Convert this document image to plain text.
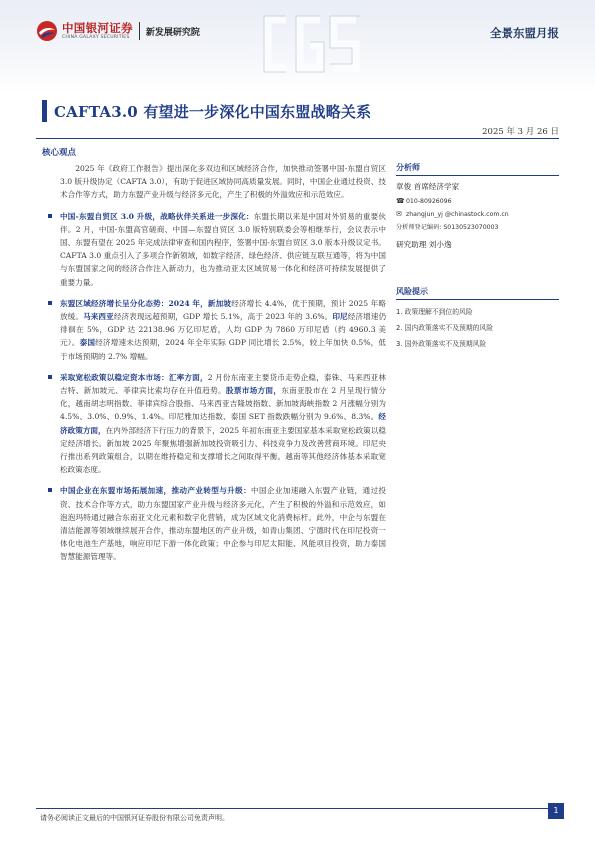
中国银河证券
CHINA GALAXY SECURITIES	新发展研究院	全景东盟月报
CAFTA3.0 有望进一步深化中国东盟战略关系
2025 年 3 月 26 日
核心观点

2025 年《政府工作报告》提出深化多双边和区域经济合作，加快推动签署中国-东盟自贸区 3.0 版升级协定（CAFTA 3.0），有助于促进区域协同高质量发展。同时，中国企业通过投资、技术合作等方式，助力东盟产业升级与经济多元化，产生了积极的外溢效应和示范效应。

中国-东盟自贸区 3.0 升级，战略伙伴关系进一步深化：东盟长期以来是中国对外贸易的重要伙伴。2 月，中国-东盟高官磋商、中国—东盟自贸区 3.0 版特别联委会等相继举行，会议表示中国、东盟有望在 2025 年完成法律审查和国内程序，签署中国-东盟自贸区 3.0 版本升级议定书。CAFTA 3.0 重点引入了多项合作新领域，如数字经济、绿色经济、供应链互联互通等，将为中国与东盟国家之间的经济合作注入新动力，也为推动亚太区域贸易一体化和经济可持续发展提供了重要力量。
东盟区域经济增长呈分化态势：2024 年，新加坡经济增长 4.4%，优于预期，预计 2025 年略放缓。马来西亚经济表现远超预期，GDP 增长 5.1%，高于 2023 年的 3.6%。印尼经济增速仍徘徊在 5%，GDP 达 22138.96 万亿印尼盾，人均 GDP 为 7860 万印尼盾（约 4960.3 美元）。泰国经济增速未达预期，2024 年全年实际 GDP 同比增长 2.5%，较上年加快 0.5%，低于市场预期的 2.7% 增幅。
采取宽松政策以稳定资本市场：汇率方面，2 月份东南亚主要货币走势企稳，泰铢、马来西亚林吉特、新加坡元、菲律宾比索均存在升值趋势。股票市场方面，东南亚股市在 2 月呈现行情分化，越南胡志明指数、菲律宾综合股指、马来西亚吉隆坡指数、新加坡海峡指数 2 月涨幅分别为 4.5%、3.0%、0.9%、1.4%。印尼雅加达指数、泰国 SET 指数跌幅分别为 9.6%、8.3%。经济政策方面，在内外部经济下行压力的背景下，2025 年初东南亚主要国家基本采取宽松政策以稳定经济增长。新加坡 2025 年聚焦增强新加坡投资吸引力、科技竞争力及改善营商环境。印尼央行推出系列政策组合，以期在维持稳定和支撑增长之间取得平衡。越南等其他经济体基本采取宽松政策态度。
中国企业在东盟市场拓展加速，推动产业转型与升级：中国企业加速融入东盟产业链，通过投资、技术合作等方式，助力东盟国家产业升级与经济多元化，产生了积极的外溢和示范效应，如泡泡玛特通过融合东南亚文化元素和数字化营销，成为区域文化消费标杆。此外，中企与东盟在清洁能源等领域继续展开合作，推动东盟地区的产业升级，如青山集团、宁德时代在印尼投资一体化电池生产基地，响应印尼下游一体化政策；中企参与印尼太阳能、风能项目投资，助力泰国智慧能源管理等。
分析师
章俊 首席经济学家
☎ 010-80926096
✉ zhangjun_yj @chinastock.com.cn
分析师登记编码: S0130523070003
研究助理 刘小逸
风险提示
1. 政策理解不到位的风险
2. 国内政策落实不及预期的风险
3. 国外政策落实不及预期风险
请务必阅读正文最后的中国银河证券股份有限公司免责声明。
1
